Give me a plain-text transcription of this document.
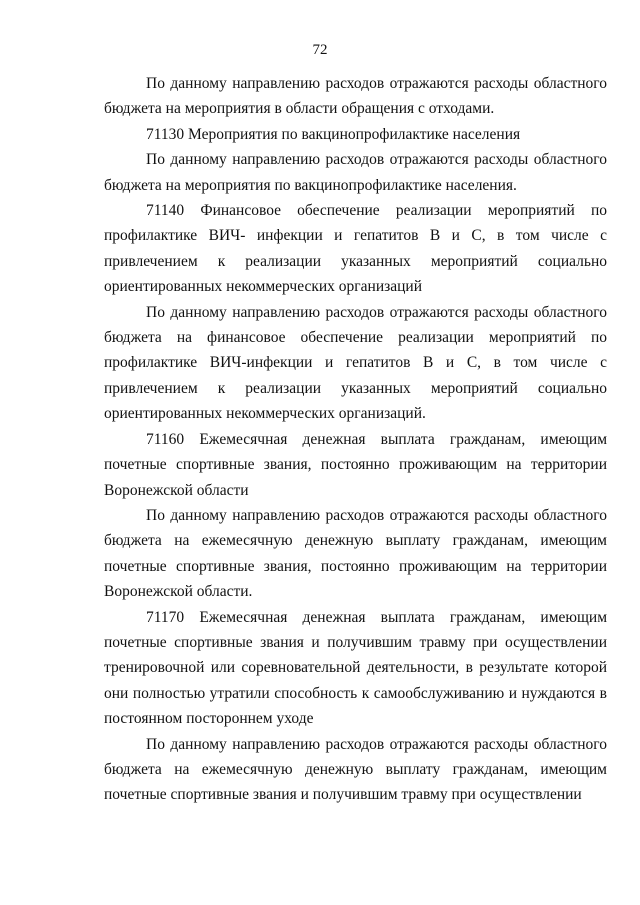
72

По данному направлению расходов отражаются расходы областного бюджета на мероприятия в области обращения с отходами.

71130 Мероприятия по вакцинопрофилактике населения

По данному направлению расходов отражаются расходы областного бюджета на мероприятия по вакцинопрофилактике населения.

71140 Финансовое обеспечение реализации мероприятий по профилактике ВИЧ- инфекции и гепатитов В и С, в том числе с привлечением к реализации указанных мероприятий социально ориентированных некоммерческих организаций

По данному направлению расходов отражаются расходы областного бюджета на финансовое обеспечение реализации мероприятий по профилактике ВИЧ-инфекции и гепатитов В и С, в том числе с привлечением к реализации указанных мероприятий социально ориентированных некоммерческих организаций.

71160 Ежемесячная денежная выплата гражданам, имеющим почетные спортивные звания, постоянно проживающим на территории Воронежской области

По данному направлению расходов отражаются расходы областного бюджета на ежемесячную денежную выплату гражданам, имеющим почетные спортивные звания, постоянно проживающим на территории Воронежской области.

71170 Ежемесячная денежная выплата гражданам, имеющим почетные спортивные звания и получившим травму при осуществлении тренировочной или соревновательной деятельности, в результате которой они полностью утратили способность к самообслуживанию и нуждаются в постоянном постороннем уходе

По данному направлению расходов отражаются расходы областного бюджета на ежемесячную денежную выплату гражданам, имеющим почетные спортивные звания и получившим травму при осуществлении
